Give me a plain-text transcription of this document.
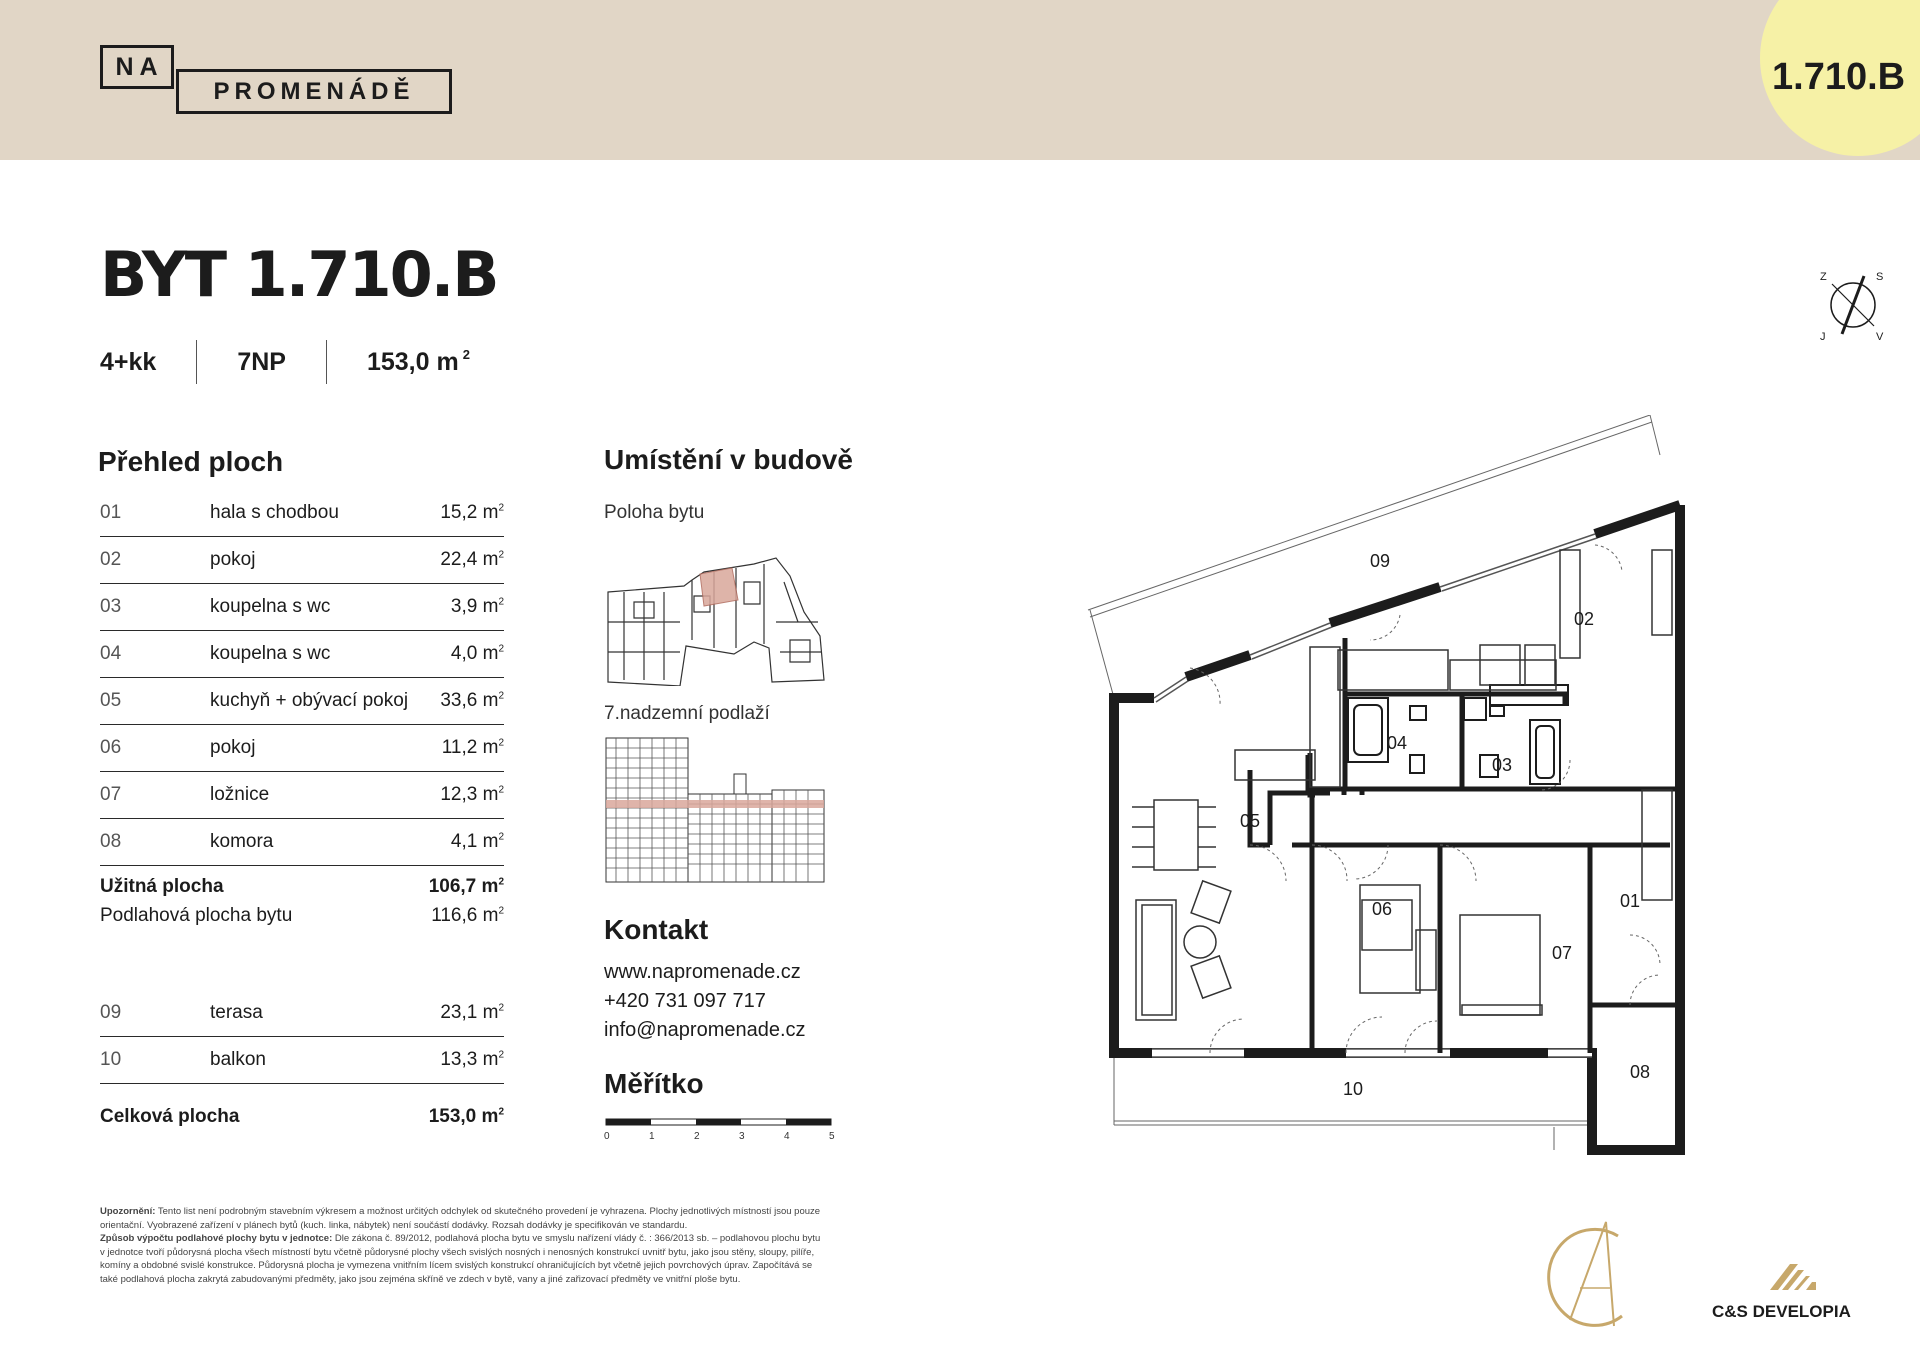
NA
PROMENÁDĚ	1.710.B
BYT 1.710.B
4+kk	7NP	153,0 m $^2$
Přehled ploch
01	hala s chodbou	15,2 $m^2$
02	pokoj	22,4 $m^2$
03	koupelna s wc	3,9 $m^2$
04	koupelna s wc	4,0 $m^2$
05	kuchyň + obývací pokoj	33,6 $m^2$
06	pokoj	11,2 $m^2$
07	ložnice	12,3 $m^2$
08	komora	4,1 $m^2$
Užitná plocha	106,7 $m^2$
Podlahová plocha bytu	116,6 $m^2$
09	terasa	23,1 $m^2$
10	balkon	13,3 $m^2$
Celková plocha	153,0 $m^2$
Umístění v budově
Poloha bytu
7.nadzemní podlaží
Kontakt
www.napromenade.cz
+420 731 097 717
info@napromenade.cz
Měřítko
0	1	2	3	4	5
Z	S
J	V
09
02
04
03
05
06	01
07
08
10
Upozornění: Tento list není podrobným stavebním výkresem a možnost určitých odchylek od skutečného provedení je vyhrazena. Plochy jednotlivých místností jsou pouze orientační. Vyobrazené zařízení v plánech bytů (kuch. linka, nábytek) není součástí dodávky. Rozsah dodávky je specifikován ve standardu.
Způsob výpočtu podlahové plochy bytu v jednotce: Dle zákona č. 89/2012, podlahová plocha bytu ve smyslu nařízení vlády č. : 366/2013 sb. – podlahovou plochu bytu v jednotce tvoří půdorysná plocha všech místností bytu včetně půdorysné plochy všech svislých nosných i nenosných konstrukcí uvnitř bytu, jako jsou stěny, sloupy, pilíře, komíny a obdobné svislé konstrukce. Půdorysná plocha je vymezena vnitřním lícem svislých konstrukcí ohraničujících byt včetně jejich povrchových úprav. Započítává se také podlahová plocha zakrytá zabudovanými předměty, jako jsou zejména skříně ve zdech v bytě, vany a jiné zařizovací předměty ve vnitřní ploše bytu.
C&S DEVELOPIA
